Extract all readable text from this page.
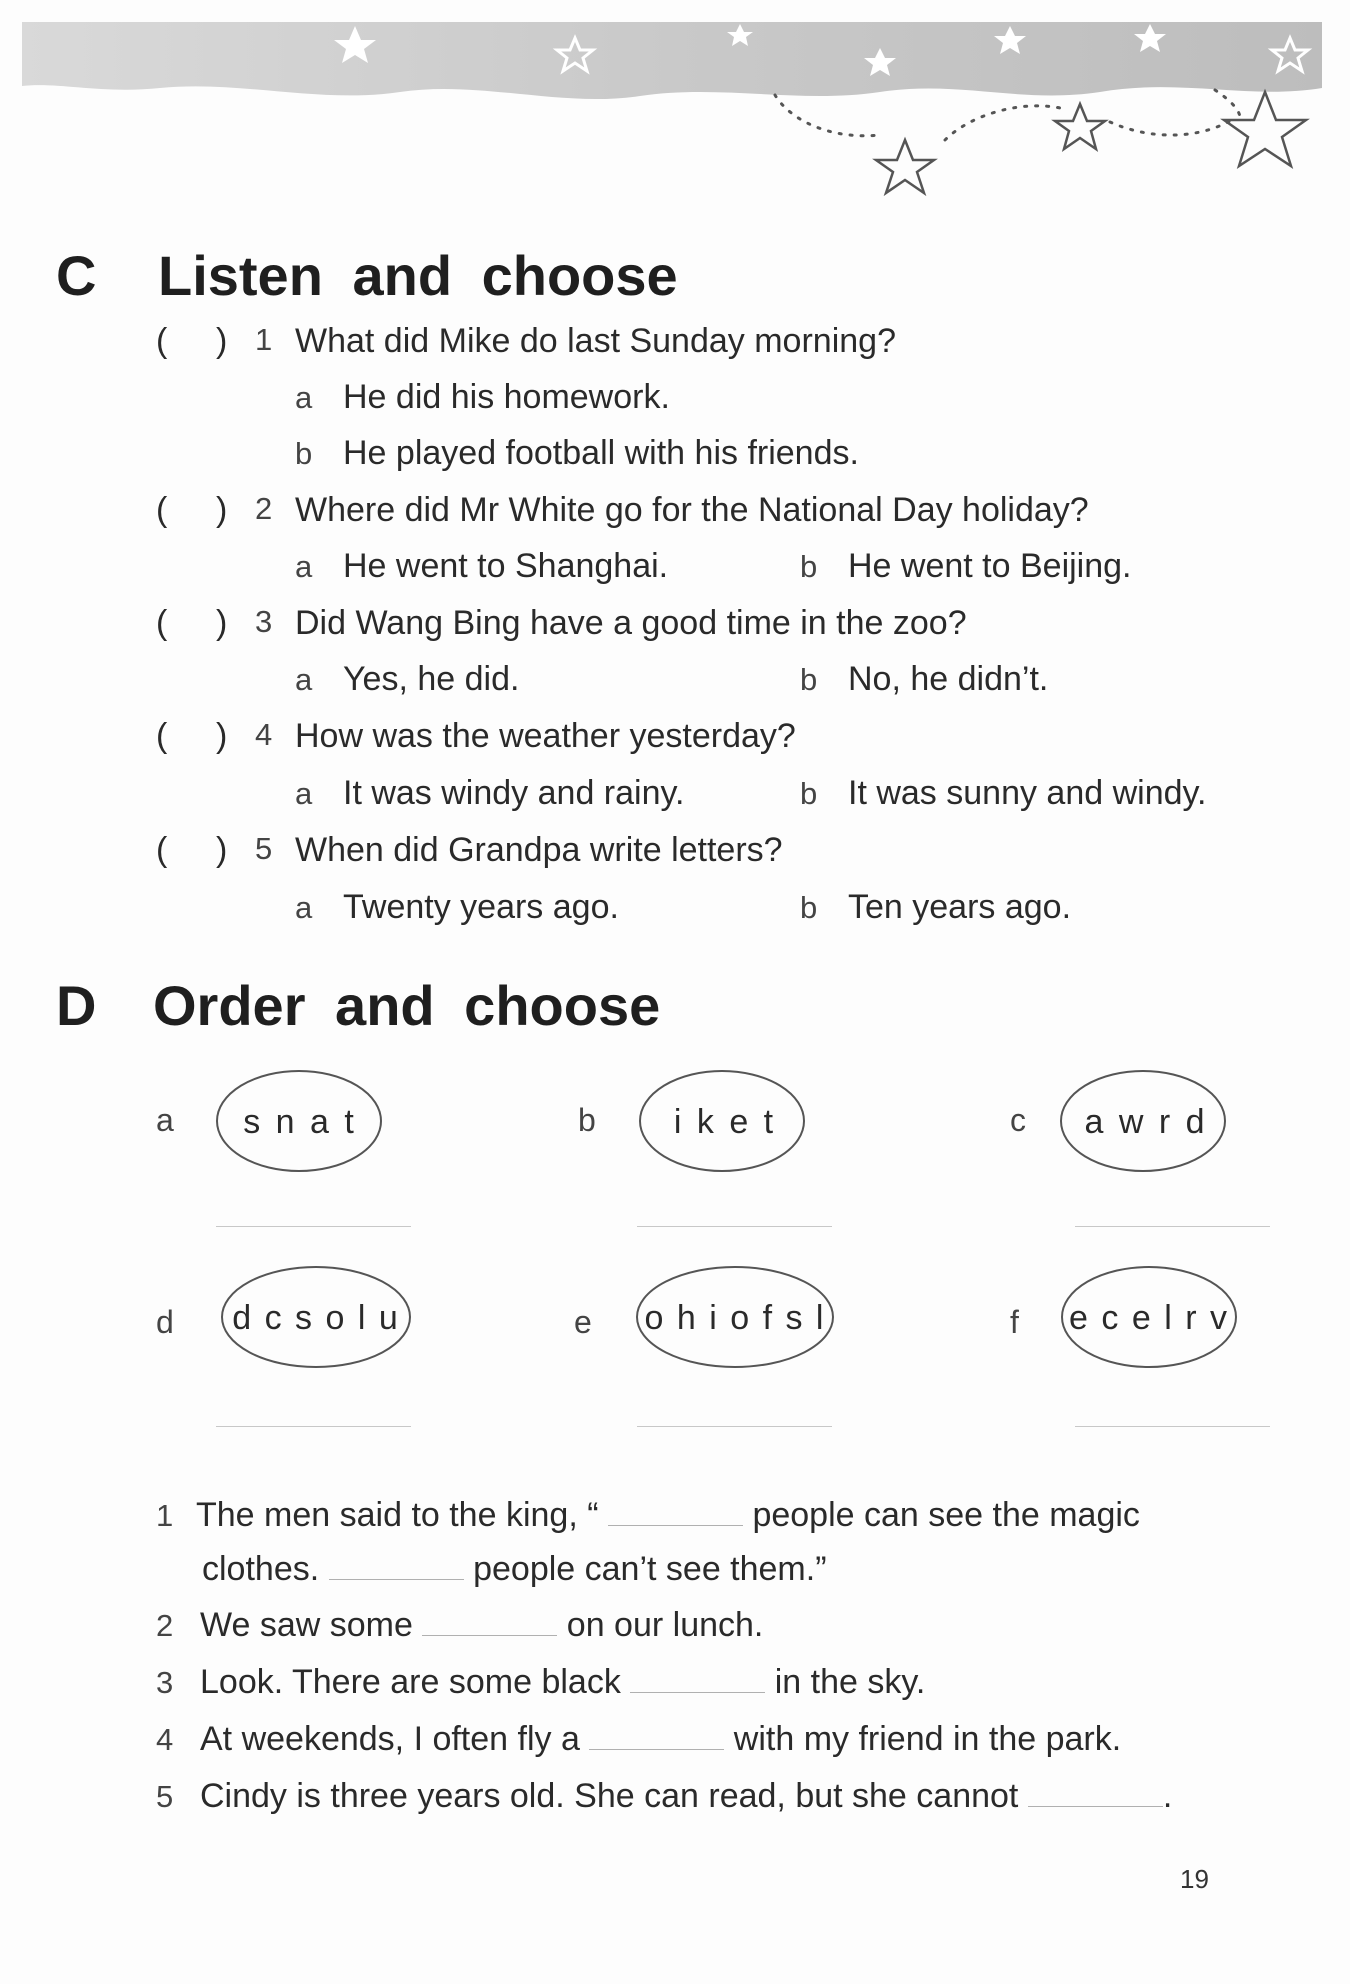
C Listen and choose
( ) 1 What did Mike do last Sunday morning?
a He did his homework.
b He played football with his friends.
( ) 2 Where did Mr White go for the National Day holiday?
a He went to Shanghai.	b He went to Beijing.
( ) 3 Did Wang Bing have a good time in the zoo?
a Yes, he did.	b No, he didn’t.
( ) 4 How was the weather yesterday?
a It was windy and rainy.	b It was sunny and windy.
( ) 5 When did Grandpa write letters?
a Twenty years ago.	b Ten years ago.
D Order and choose
a s n a t	b i k e t	c a w r d
d d c s o l u	e o h i o f s l	f e c e l r v
1 The men said to the king, “	people can see the magic
clothes.	people can’t see them.”
2 We saw some	on our lunch.
3 Look. There are some black	in the sky.
4 At weekends, I often fly a	with my friend in the park.
5 Cindy is three years old. She can read, but she cannot	.
19
